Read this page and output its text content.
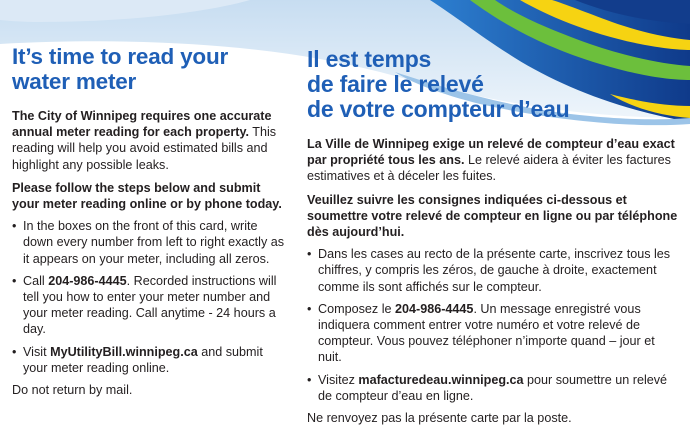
It’s time to read your
water meter

The City of Winnipeg requires one accurate annual meter reading for each property. This reading will help you avoid estimated bills and highlight any possible leaks.

Please follow the steps below and submit your meter reading online or by phone today.

• In the boxes on the front of this card, write down every number from left to right exactly as it appears on your meter, including all zeros.
• Call 204-986-4445. Recorded instructions will tell you how to enter your meter number and your meter reading. Call anytime - 24 hours a day.
• Visit MyUtilityBill.winnipeg.ca and submit your meter reading online.

Do not return by mail.

Il est temps
de faire le relevé
de votre compteur d’eau

La Ville de Winnipeg exige un relevé de compteur d’eau exact par propriété tous les ans. Le relevé aidera à éviter les factures estimatives et à déceler les fuites.

Veuillez suivre les consignes indiquées ci-dessous et soumettre votre relevé de compteur en ligne ou par téléphone dès aujourd’hui.

• Dans les cases au recto de la présente carte, inscrivez tous les chiffres, y compris les zéros, de gauche à droite, exactement comme ils sont affichés sur le compteur.
• Composez le 204-986-4445. Un message enregistré vous indiquera comment entrer votre numéro et votre relevé de compteur. Vous pouvez téléphoner n’importe quand – jour et nuit.
• Visitez mafacturedeau.winnipeg.ca pour soumettre un relevé de compteur d’eau en ligne.

Ne renvoyez pas la présente carte par la poste.
